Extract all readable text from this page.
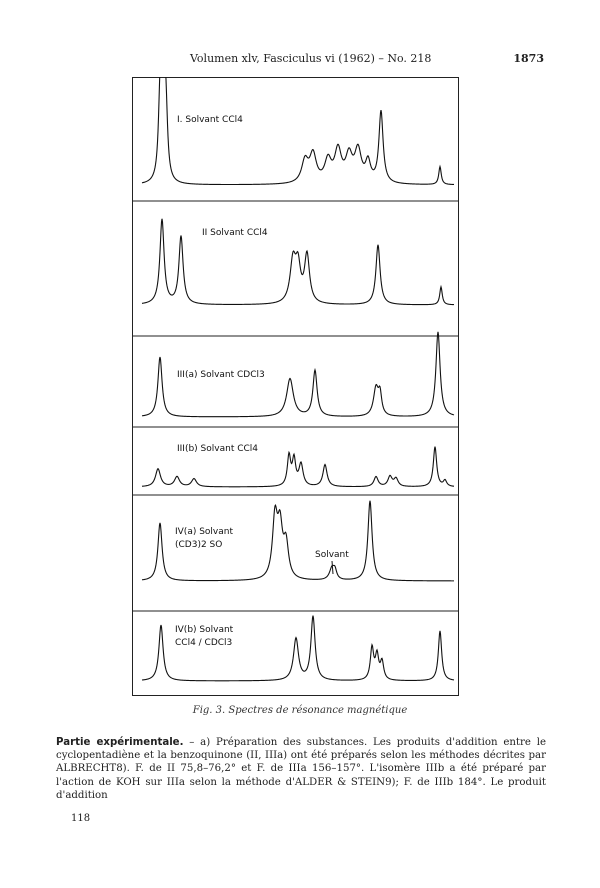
Volumen xlv, Fasciculus vi (1962) – No. 218	1873
I. Solvant CCl4
II Solvant CCl4
III(a) Solvant CDCl3
III(b) Solvant CCl4
IV(a) Solvant
(CD3)2 SO
Solvant
IV(b) Solvant
CCl4 / CDCl3
Fig. 3. Spectres de résonance magnétique
Partie expérimentale. – a) Préparation des substances. Les produits d'addition entre le cyclopentadiène et la benzoquinone (II, IIIa) ont été préparés selon les méthodes décrites par ALBRECHT8). F. de II 75,8–76,2° et F. de IIIa 156–157°. L'isomère IIIb a été préparé par l'action de KOH sur IIIa selon la méthode d'ALDER & STEIN9); F. de IIIb 184°. Le produit d'addition
118
